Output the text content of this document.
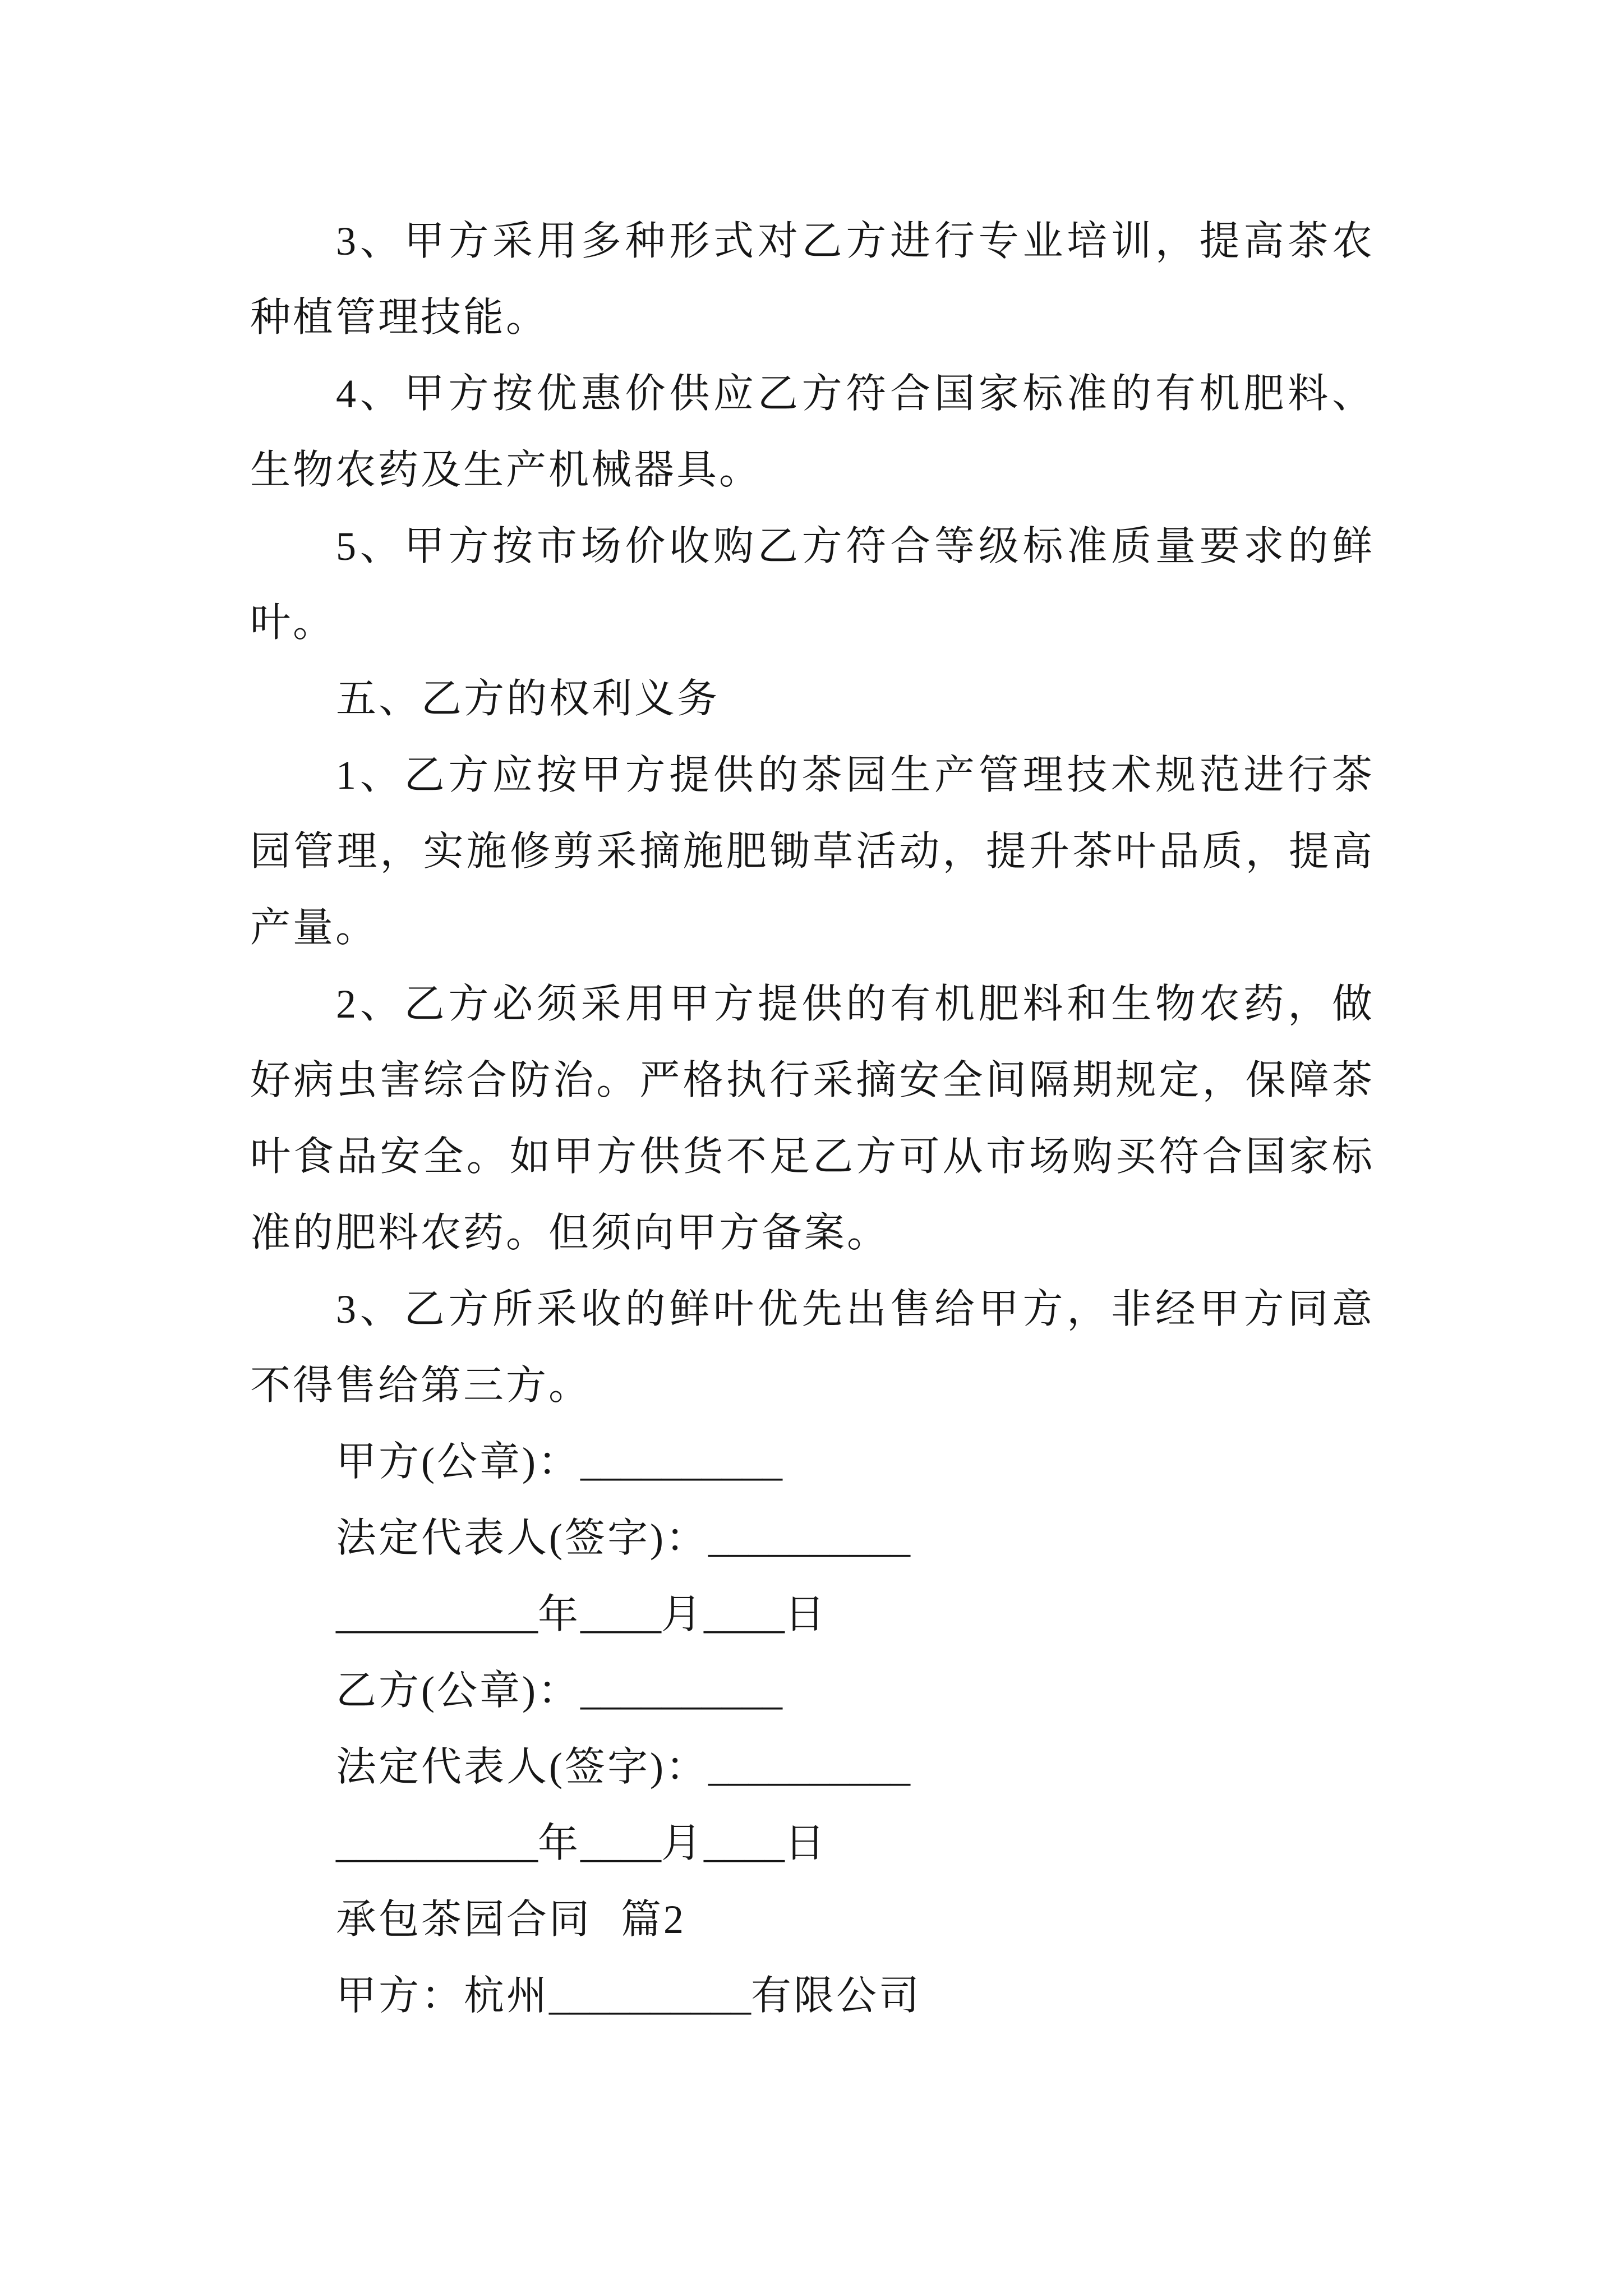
3、甲方采用多种形式对乙方进行专业培训，提高茶农
种植管理技能。
4、甲方按优惠价供应乙方符合国家标准的有机肥料、
生物农药及生产机械器具。
5、甲方按市场价收购乙方符合等级标准质量要求的鲜
叶。
五、乙方的权利义务
1、乙方应按甲方提供的茶园生产管理技术规范进行茶
园管理，实施修剪采摘施肥锄草活动，提升茶叶品质，提高
产量。
2、乙方必须采用甲方提供的有机肥料和生物农药，做
好病虫害综合防治。严格执行采摘安全间隔期规定，保障茶
叶食品安全。如甲方供货不足乙方可从市场购买符合国家标
准的肥料农药。但须向甲方备案。
3、乙方所采收的鲜叶优先出售给甲方，非经甲方同意
不得售给第三方。
甲方(公章)：__________
法定代表人(签字)：__________
__________年____月____日
乙方(公章)：__________
法定代表人(签字)：__________
__________年____月____日
承包茶园合同 篇2
甲方：杭州__________有限公司
